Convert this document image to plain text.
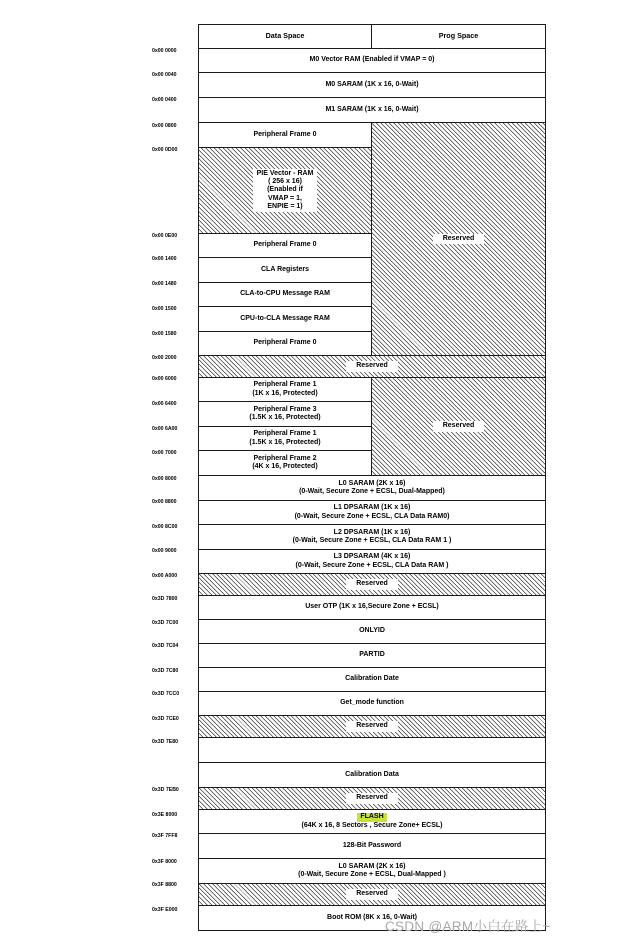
0x00 0000
0x00 0040
0x00 0400
0x00 0800
0x00 0D00
0x00 0E00
0x00 1400
0x00 1480
0x00 1500
0x00 1580
0x00 2000
0x00 6000
0x00 6400
0x00 6A00
0x00 7000
0x00 8000
0x00 8800
0x00 8C00
0x00 9000
0x00 A000
0x3D 7800
0x3D 7C00
0x3D 7C04
0x3D 7C80
0x3D 7CC0
0x3D 7CE0
0x3D 7E80
0x3D 7EB0
0x3E 8000
0x3F 7FF8
0x3F 8000
0x3F 8800
0x3F E000
Data Space	Prog Space
M0 Vector RAM (Enabled if VMAP = 0)
M0 SARAM (1K x 16, 0-Wait)
M1 SARAM (1K x 16, 0-Wait)
Peripheral Frame 0
PIE Vector - RAM
( 256 x 16)
(Enabled if
VMAP = 1,
ENPIE = 1)
Peripheral Frame 0
CLA Registers
CLA-to-CPU Message RAM
CPU-to-CLA Message RAM
Peripheral Frame 0
Reserved
Reserved
Peripheral Frame 1
(1K x 16, Protected)
Peripheral Frame 3
(1.5K x 16, Protected)
Peripheral Frame 1
(1.5K x 16, Protected)
Peripheral Frame 2
(4K x 16, Protected)
Reserved
L0 SARAM (2K x 16)
(0-Wait, Secure Zone + ECSL, Dual-Mapped)
L1 DPSARAM (1K x 16)
(0-Wait, Secure Zone + ECSL, CLA Data RAM0)
L2 DPSARAM (1K x 16)
(0-Wait, Secure Zone + ECSL, CLA Data RAM 1 )
L3 DPSARAM (4K x 16)
(0-Wait, Secure Zone + ECSL, CLA Data RAM )
Reserved
User OTP (1K x 16,Secure Zone + ECSL)
ONLYID
PARTID
Calibration Date
Get_mode function
Reserved
Calibration Data
Reserved
FLASH
(64K x 16, 8 Sectors , Secure Zone+ ECSL)
128-Bit Password
L0 SARAM (2K x 16)
(0-Wait, Secure Zone + ECSL, Dual-Mapped )
Reserved
Boot ROM (8K x 16, 0-Wait)
CSDN @ARM小白在路上~
